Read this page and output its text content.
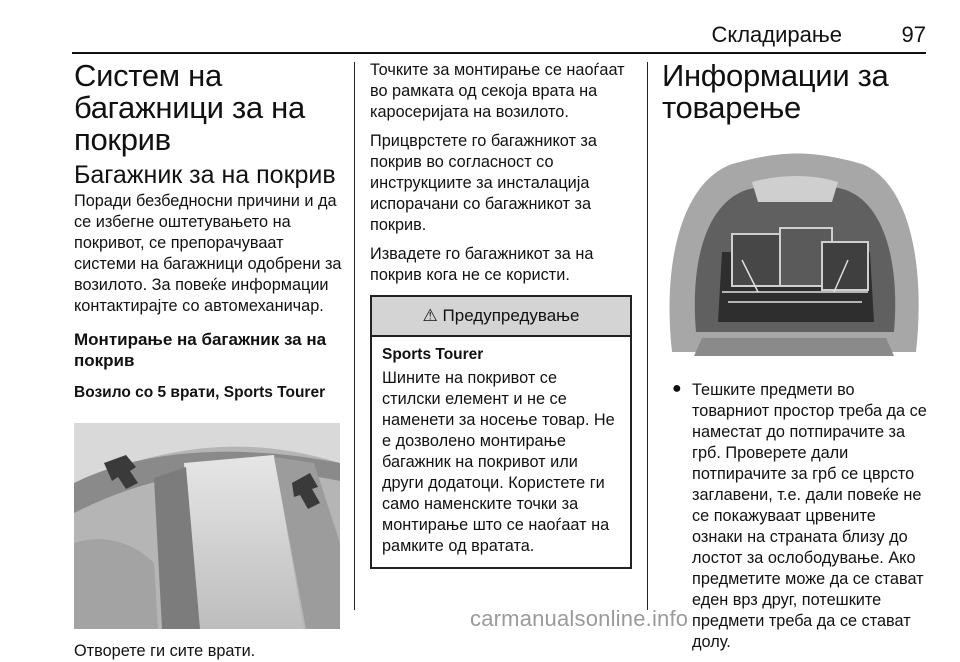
Складирање	97
Систем на багажници за на покрив
Багажник за на покрив

Поради безбедносни причини и да се избегне оштетувањето на покривот, се препорачуваат системи на багажници одобрени за возилото. За повеќе информации контактирајте со автомеханичар.

Монтирање на багажник за на покрив
Возило со 5 врати, Sports Tourer

Отворете ги сите врати.

Точките за монтирање се наоѓаат во рамката од секоја врата на каросеријата на возилото.

Прицврстете го багажникот за покрив во согласност со инструкциите за инсталација испорачани со багажникот за покрив.

Извадете го багажникот за на покрив кога не се користи.

⚠ Предупредување
Sports Tourer

Шините на покривот се стилски елемент и не се наменети за носење товар. Не е дозволено монтирање багажник на покривот или други додатоци. Користете ги само наменските точки за монтирање што се наоѓаат на рамките од вратата.

Информации за товарење
● Тешките предмети во товарниот простор треба да се наместат до потпирачите за грб. Проверете дали потпирачите за грб се цврсто заглавени, т.е. дали повеќе не се покажуваат црвените ознаки на страната близу до лостот за ослободување. Ако предметите може да се стават еден врз друг, потешките предмети треба да се стават долу.

carmanualsonline.info
